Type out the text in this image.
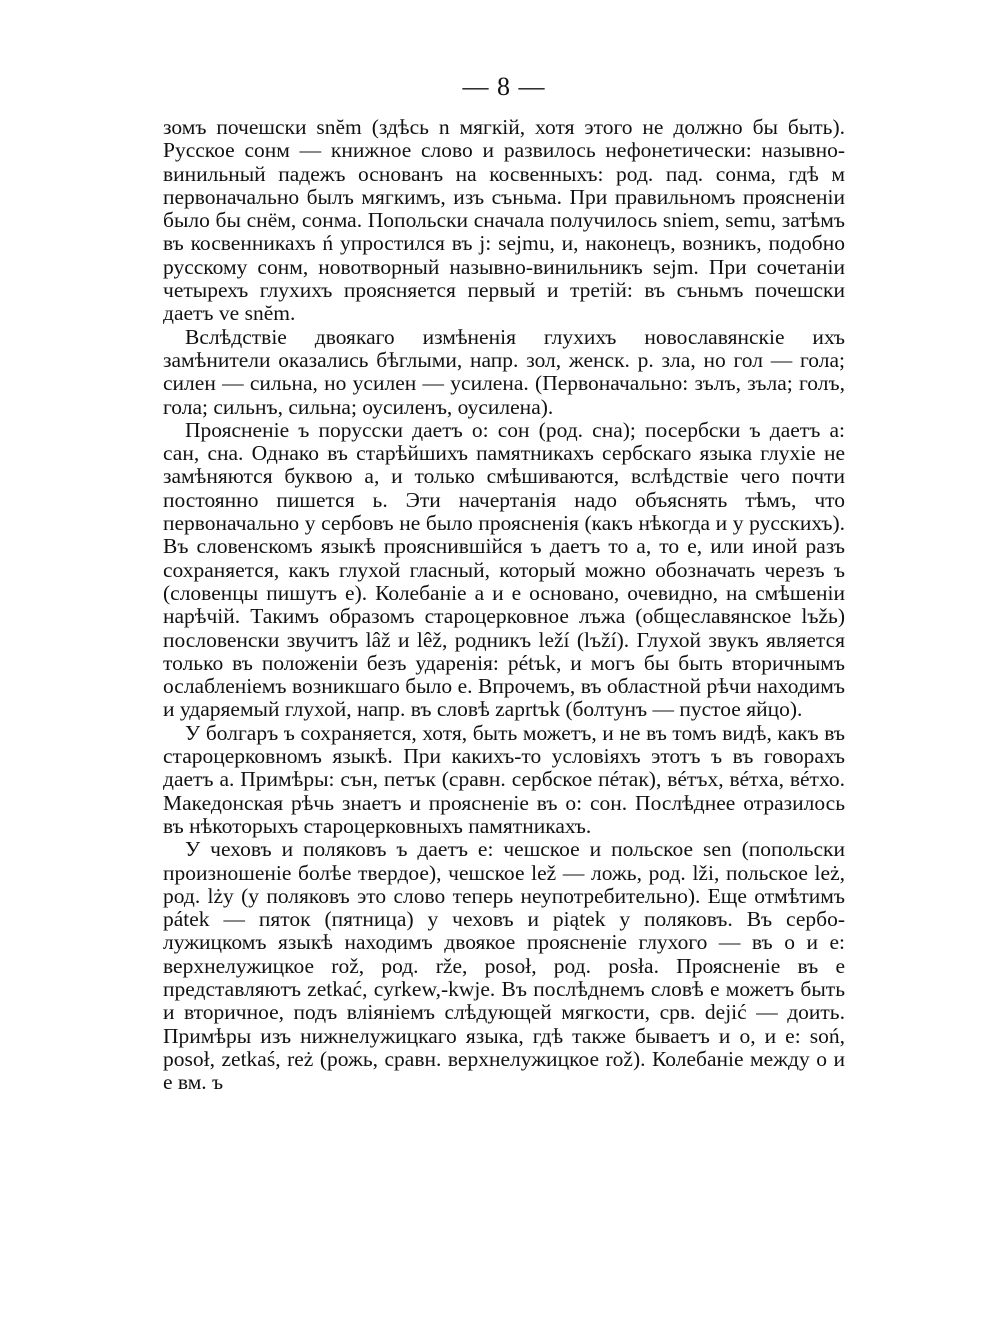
— 8 —

зомъ почешски snĕm (здѣсь n мягкій, хотя этого не должно бы быть). Русское сонм — книжное слово и развилось нефонетически: назывно-винильный падежъ основанъ на косвенныхъ: род. пад. сонма, гдѣ м первоначально былъ мягкимъ, изъ съньма. При правильномъ проясненіи было бы снём, сонма. Попольски сначала получилось sniem, semu, затѣмъ въ косвенникахъ ń упростился въ j: sejmu, и, наконецъ, возникъ, подобно русскому сонм, новотворный назывно-винильникъ sejm. При сочетаніи четырехъ глухихъ проясняется первый и третій: въ съньмъ почешски даетъ ve snĕm.

Вслѣдствіе двоякаго измѣненія глухихъ новославянскіе ихъ замѣнители оказались бѣглыми, напр. зол, женск. р. зла, но гол — гола; силен — сильна, но усилен — усилена. (Первоначально: зълъ, зъла; голъ, гола; сильнъ, сильна; оусиленъ, оусилена).

Проясненіе ъ порусски даетъ о: сон (род. сна); посербски ъ даетъ а: сан, сна. Однако въ старѣйшихъ памятникахъ сербскаго языка глухіе не замѣняются буквою а, и только смѣшиваются, вслѣдствіе чего почти постоянно пишется ь. Эти начертанія надо объяснять тѣмъ, что первоначально у сербовъ не было проясненія (какъ нѣкогда и у русскихъ). Въ словенскомъ языкѣ прояснившійся ъ даетъ то а, то е, или иной разъ сохраняется, какъ глухой гласный, который можно обозначать черезъ ъ (словенцы пишутъ е). Колебаніе а и е основано, очевидно, на смѣшеніи нарѣчій. Такимъ образомъ староцерковное лъжа (общеславянское lъžь) пословенски звучитъ lâž и lêž, родникъ leží (lъží). Глухой звукъ является только въ положеніи безъ ударенія: pétъk, и могъ бы быть вторичнымъ ослабленіемъ возникшаго было е. Впрочемъ, въ областной рѣчи находимъ и ударяемый глухой, напр. въ словѣ zaprtъk (болтунъ — пустое яйцо).

У болгаръ ъ сохраняется, хотя, быть можетъ, и не въ томъ видѣ, какъ въ староцерковномъ языкѣ. При какихъ-то условіяхъ этотъ ъ въ говорахъ даетъ а. Примѣры: сън, петък (сравн. сербское пéтак), вéтъх, вéтха, вéтхо. Македонская рѣчь знаетъ и проясненіе въ о: сон. Послѣднее отразилось въ нѣкоторыхъ староцерковныхъ памятникахъ.

У чеховъ и поляковъ ъ даетъ е: чешское и польское sen (попольски произношеніе болѣе твердое), чешское lež — ложь, род. lži, польское leż, род. lży (у поляковъ это слово теперь неупотребительно). Еще отмѣтимъ pátek — пяток (пятница) у чеховъ и piątek у поляковъ. Въ сербо-лужицкомъ языкѣ находимъ двоякое проясненіе глухого — въ о и е: верхнелужицкое rož, род. rže, posoł, род. posła. Проясненіе въ е представляютъ zetkać, cyrkew,-kwje. Въ послѣднемъ словѣ е можетъ быть и вторичное, подъ вліяніемъ слѣдующей мягкости, срв. dejić — доить. Примѣры изъ нижнелужицкаго языка, гдѣ также бываетъ и о, и е: soń, posoł, zetkaś, reż (рожь, сравн. верхнелужицкое rož). Колебаніе между о и е вм. ъ
